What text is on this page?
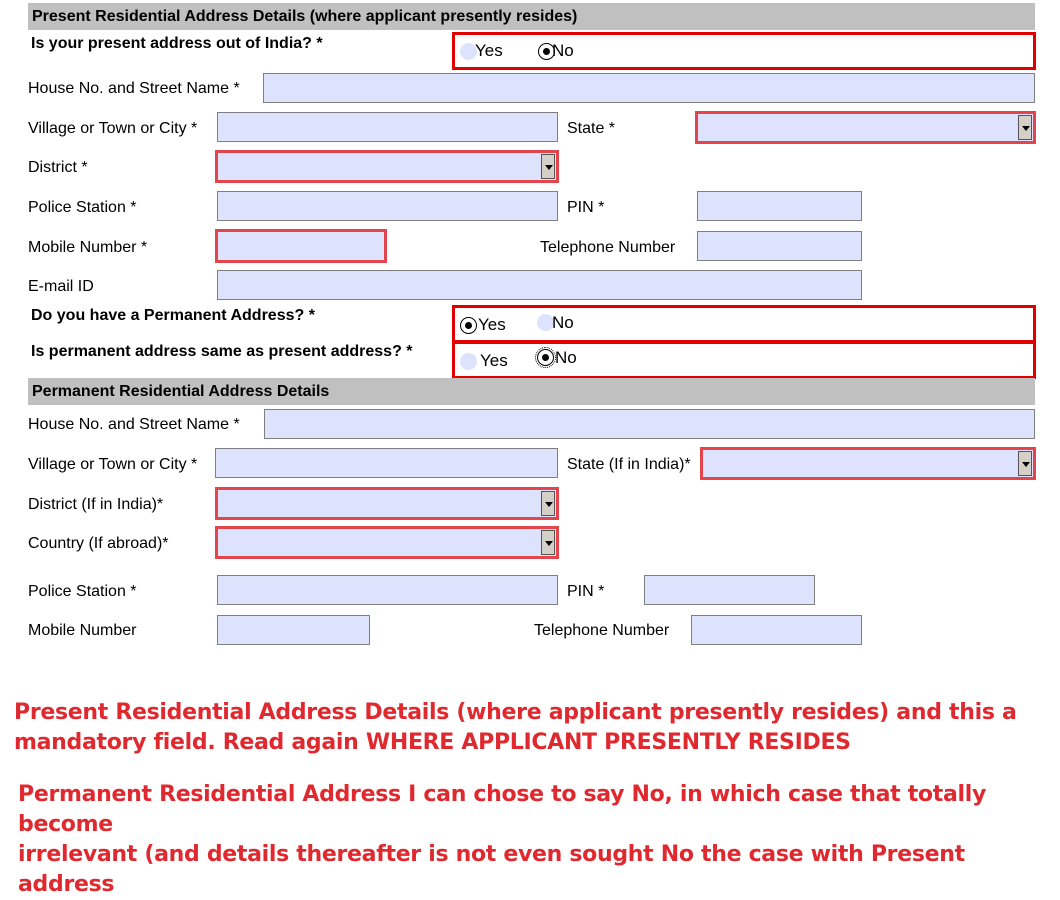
Present Residential Address Details (where applicant presently resides)
Is your present address out of India? *	Yes	No
House No. and Street Name *
Village or Town or City *	State *
District *
Police Station *	PIN *
Mobile Number *	Telephone Number
E-mail ID
Do you have a Permanent Address? *	Yes	No
Is permanent address same as present address? *	Yes	No
Permanent Residential Address Details
House No. and Street Name *
Village or Town or City *	State (If in India)*
District (If in India)*
Country (If abroad)*
Police Station *	PIN *
Mobile Number	Telephone Number
Present Residential Address Details (where applicant presently resides) and this a
mandatory field. Read again WHERE APPLICANT PRESENTLY RESIDES
Permanent Residential Address I can chose to say No, in which case that totally become
irrelevant (and details thereafter is not even sought No the case with Present address
